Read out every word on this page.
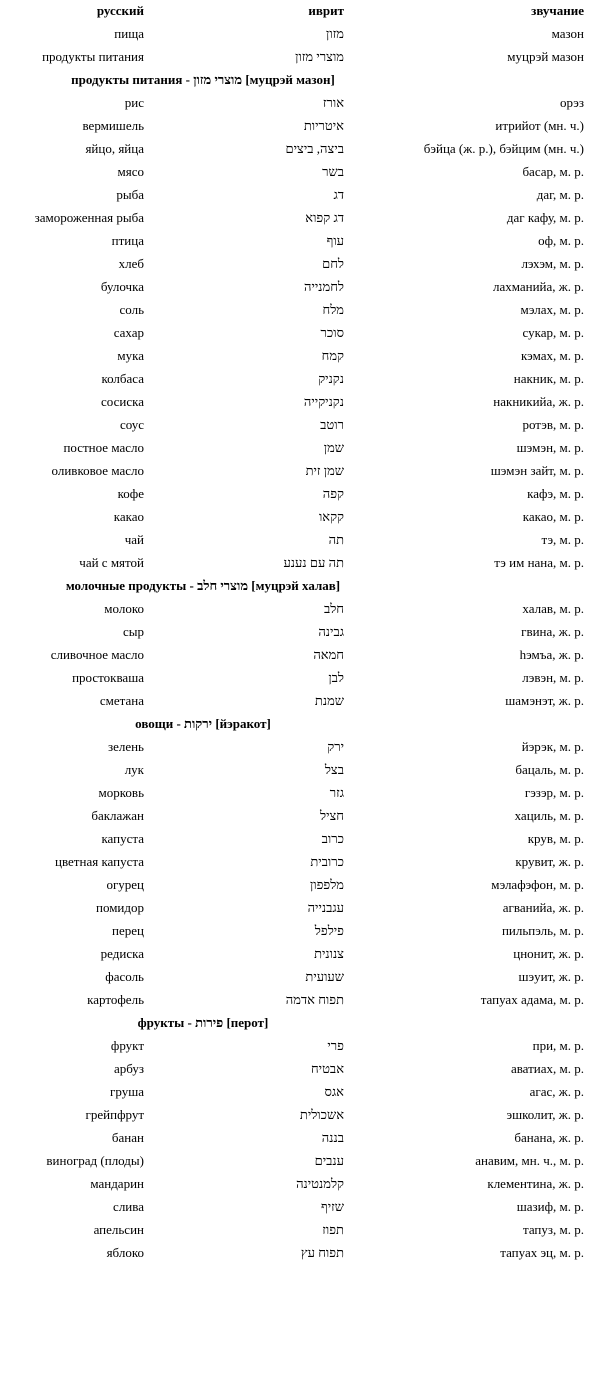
русский	иврит	звучание
пища	מזון	мазон
продукты питания	מוצרי מזון	муцрэй мазон
продукты питания - מוצרי מזון [муцрэй мазон]
рис	אורז	орэз
вермишель	איטריות	итрийот (мн. ч.)
яйцо, яйца	ביצה, ביצים	бэйца (ж. р.), бэйцим (мн. ч.)
мясо	בשר	басар, м. р.
рыба	דג	даг, м. р.
замороженная рыба	דג קפוא	даг кафу, м. р.
птица	עוף	оф, м. р.
хлеб	לחם	лэхэм, м. р.
булочка	לחמנייה	лахманийа, ж. р.
соль	מלח	мэлах, м. р.
сахар	סוכר	сукар, м. р.
мука	קמח	кэмах, м. р.
колбаса	נקניק	накник, м. р.
сосиска	נקניקייה	накникийа, ж. р.
соус	רוטב	ротэв, м. р.
постное масло	שמן	шэмэн, м. р.
оливковое масло	שמן זית	шэмэн зайт, м. р.
кофе	קפה	кафэ, м. р.
какао	קקאו	какао, м. р.
чай	תה	тэ, м. р.
чай с мятой	תה עם נענע	тэ им нана, м. р.
молочные продукты - מוצרי חלב [муцрэй халав]
молоко	חלב	халав, м. р.
сыр	גבינה	гвина, ж. р.
сливочное масло	חמאה	hэмъа, ж. р.
простокваша	לבן	лэвэн, м. р.
сметана	שמנת	шамэнэт, ж. р.
овощи - ירקות [йэракот]
зелень	ירק	йэрэк, м. р.
лук	בצל	бацаль, м. р.
морковь	גזר	гэзэр, м. р.
баклажан	חציל	хациль, м. р.
капуста	כרוב	крув, м. р.
цветная капуста	כרובית	крувит, ж. р.
огурец	מלפפון	мэлафэфон, м. р.
помидор	עגבנייה	агванийа, ж. р.
перец	פילפל	пильпэль, м. р.
редиска	צנונית	цнонит, ж. р.
фасоль	שעועית	шэуит, ж. р.
картофель	תפוח אדמה	тапуах адама, м. р.
фрукты - פירות [перот]
фрукт	פרי	при, м. р.
арбуз	אבטיח	аватиах, м. р.
груша	אגס	агас, ж. р.
грейпфрут	אשכולית	эшколит, ж. р.
банан	בננה	банана, ж. р.
виноград (плоды)	ענבים	анавим, мн. ч., м. р.
мандарин	קלמנטינה	клементина, ж. р.
слива	שזיף	шазиф, м. р.
апельсин	תפוז	тапуз, м. р.
яблоко	תפוח עץ	тапуах эц, м. р.
